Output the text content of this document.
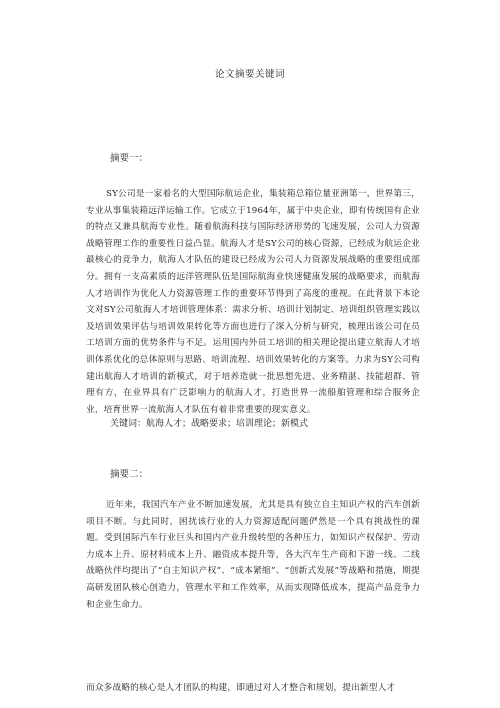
论文摘要关键词
摘要一：
SY公司是一家着名的大型国际航运企业，集装箱总箱位量亚洲第一，世界第三，专业从事集装箱远洋运输工作。它成立于1964年，属于中央企业，即有传统国有企业的特点又兼具航海专业性。随着航海科技与国际经济形势的飞速发展，公司人力资源战略管理工作的重要性日益凸显。航海人才是SY公司的核心资源，已经成为航运企业最核心的竞争力，航海人才队伍的建设已经成为公司人力资源发展战略的重要组成部分。拥有一支高素质的远洋管理队伍是国际航海业快速健康发展的战略要求，而航海人才培训作为优化人力资源管理工作的重要环节得到了高度的重视。在此背景下本论文对SY公司航海人才培训管理体系：需求分析、培训计划制定、培训组织管理实践以及培训效果评估与培训效果转化等方面也进行了深入分析与研究，梳理出该公司在员工培训方面的优势条件与不足。运用国内外员工培训的相关理论提出建立航海人才培训体系优化的总体原则与思路、培训流程、培训效果转化的方案等。力求为SY公司构建出航海人才培训的新模式，对于培养造就一批思想先进、业务精湛、技能超群、管理有方，在业界具有广泛影响力的航海人才，打造世界一流船舶管理和综合服务企业，培育世界一流航海人才队伍有着非常重要的现实意义。
关键词：航海人才；战略要求；培训理论；新模式
摘要二：
近年来，我国汽车产业不断加速发展，尤其是具有独立自主知识产权的汽车创新项目不断。与此同时，困扰该行业的人力资源适配问题俨然是一个具有挑战性的课题。受到国际汽车行业巨头和国内产业升级转型的各种压力，如知识产权保护、劳动力成本上升、原材料成本上升、融资成本提升等，各大汽车生产商和下游一线、二线战略伙伴均提出了“自主知识产权”、“成本紧缩”、“创新式发展”等战略和措施，期提高研发团队核心创造力，管理水平和工作效率，从而实现降低成本，提高产品竞争力和企业生命力。
而众多战略的核心是人才团队的构建，即通过对人才整合和规划，提出新型人才
